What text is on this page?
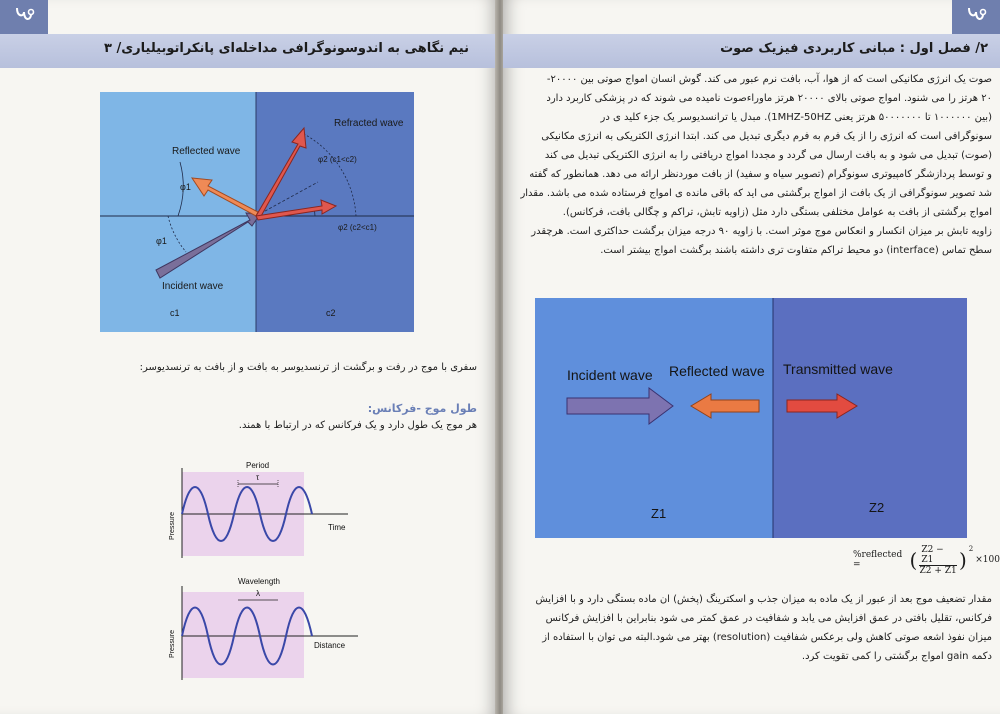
نیم نگاهی به اندوسونوگرافی مداخله‌ای پانکراتوبیلیاری/ ۳
Reflected wave
Refracted wave
Incident wave
φ1
φ1
φ2 (c1<c2)
φ2 (c2<c1)
c1	c2
سفری با موج در رفت و برگشت از ترنسدیوسر به بافت و از بافت به ترنسدیوسر:
طول موج -فرکانس:
هر موج یک طول دارد و یک فرکانس که در ارتباط با همند.
Period
τ
Pressure	Time
Wavelength
λ
Pressure	Distance
۲/ فصل اول : مبانی کاربردی فیزیک صوت

صوت یک انرژی مکانیکی است که از هوا، آب، بافت نرم عبور می کند. گوش انسان امواج صوتی بین ۲۰۰۰۰-

۲۰ هرتز را می شنود. امواج صوتی بالای ۲۰۰۰۰ هرتز ماوراءصوت نامیده می شوند که در پزشکی کاربرد دارد

(بین ۱۰۰۰۰۰۰ تا ۵۰۰۰۰۰۰۰ هرتز یعنی 1MHZ-50HZ). مبدل یا ترانسدیوسر یک جزء کلید ی در

سونوگرافی است که انرژی را از یک فرم به فرم دیگری تبدیل می کند. ابتدا انرژی الکتریکی به انرژی مکانیکی

(صوت) تبدیل می شود و به بافت ارسال می گردد و مجددا امواج دریافتی را به انرژی الکتریکی تبدیل می کند

و توسط پردازشگر کامپیوتری سونوگرام (تصویر سیاه و سفید) از بافت موردنظر ارائه می دهد. همانطور که گفته

شد تصویر سونوگرافی از یک بافت از امواج برگشتی می اید که باقی مانده ی امواج فرستاده شده می باشد. مقدار

امواج برگشتی از بافت به عوامل مختلفی بستگی دارد مثل (زاویه تابش، تراکم و چگالی بافت، فرکانس).

زاویه تابش بر میزان انکسار و انعکاس موج موثر است. با زاویه ۹۰ درجه میزان برگشت حداکثری است. هرچقدر

سطح تماس (interface) دو محیط تراکم متفاوت تری داشته باشند برگشت امواج بیشتر است.

Incident wave Reflected wave Transmitted wave
Z1	Z2
%reflected =	( $\frac{Z2 - Z1}{Z2 + Z1}$ ) $^2$
×100

مقدار تضعیف موج بعد از عبور از یک ماده به میزان جذب و اسکترینگ (پخش) ان ماده بستگی دارد و با افزایش

فرکانس، تقلیل بافتی در عمق افزایش می یابد و شفافیت در عمق کمتر می شود بنابراین با افزایش فرکانس

میزان نفوذ اشعه صوتی کاهش ولی برعکس شفافیت (resolution) بهتر می شود.البته می توان با استفاده از

دکمه gain امواج برگشتی را کمی تقویت کرد.
